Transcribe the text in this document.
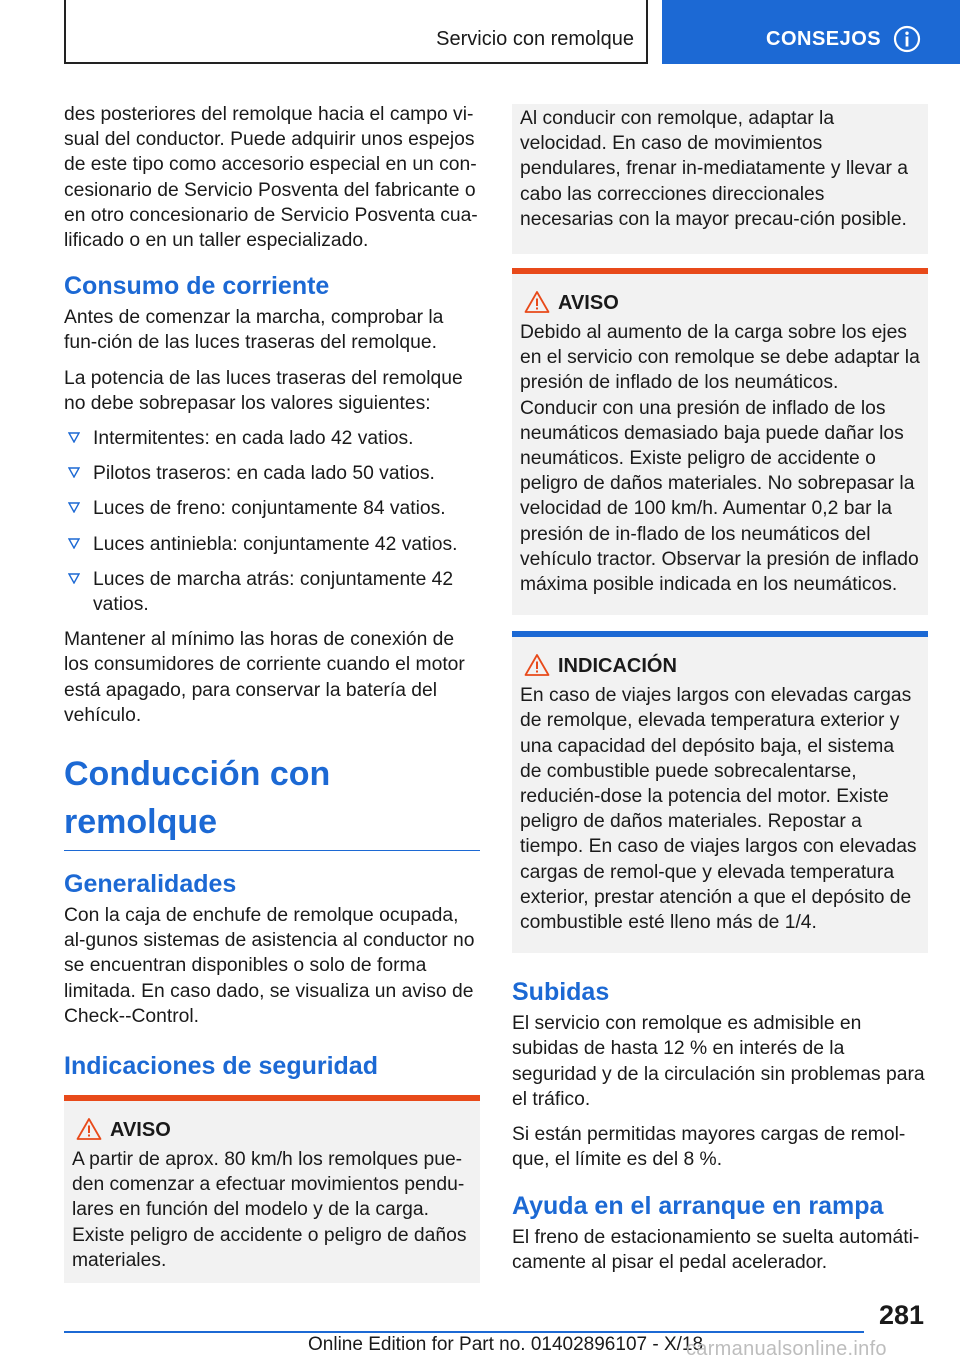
Servicio con remolque	CONSEJOS

des posteriores del remolque hacia el campo vi-sual del conductor. Puede adquirir unos espejos de este tipo como accesorio especial en un con-cesionario de Servicio Posventa del fabricante o en otro concesionario de Servicio Posventa cua-lificado o en un taller especializado.

Consumo de corriente

Antes de comenzar la marcha, comprobar la fun-ción de las luces traseras del remolque.

La potencia de las luces traseras del remolque no debe sobrepasar los valores siguientes:

Intermitentes: en cada lado 42 vatios.
Pilotos traseros: en cada lado 50 vatios.
Luces de freno: conjuntamente 84 vatios.
Luces antiniebla: conjuntamente 42 vatios.
Luces de marcha atrás: conjuntamente 42 vatios.

Mantener al mínimo las horas de conexión de los consumidores de corriente cuando el motor está apagado, para conservar la batería del vehículo.

Conducción con remolque
Generalidades

Con la caja de enchufe de remolque ocupada, al-gunos sistemas de asistencia al conductor no se encuentran disponibles o solo de forma limitada. En caso dado, se visualiza un aviso de Check--Control.

Indicaciones de seguridad
AVISO

A partir de aprox. 80 km/h los remolques pue-den comenzar a efectuar movimientos pendu-lares en función del modelo y de la carga. Existe peligro de accidente o peligro de daños materiales.

Al conducir con remolque, adaptar la velocidad. En caso de movimientos pendulares, frenar in-mediatamente y llevar a cabo las correcciones direccionales necesarias con la mayor precau-ción posible.

AVISO

Debido al aumento de la carga sobre los ejes en el servicio con remolque se debe adaptar la presión de inflado de los neumáticos. Conducir con una presión de inflado de los neumáticos demasiado baja puede dañar los neumáticos. Existe peligro de accidente o peligro de daños materiales. No sobrepasar la velocidad de 100 km/h. Aumentar 0,2 bar la presión de in-flado de los neumáticos del vehículo tractor. Observar la presión de inflado máxima posible indicada en los neumáticos.

INDICACIÓN

En caso de viajes largos con elevadas cargas de remolque, elevada temperatura exterior y una capacidad del depósito baja, el sistema de combustible puede sobrecalentarse, reducién-dose la potencia del motor. Existe peligro de daños materiales. Repostar a tiempo. En caso de viajes largos con elevadas cargas de remol-que y elevada temperatura exterior, prestar atención a que el depósito de combustible esté lleno más de 1/4.

Subidas

El servicio con remolque es admisible en subidas de hasta 12 % en interés de la seguridad y de la circulación sin problemas para el tráfico.

Si están permitidas mayores cargas de remol-que, el límite es del 8 %.

Ayuda en el arranque en rampa

El freno de estacionamiento se suelta automáti-camente al pisar el pedal acelerador.

281
Online Edition for Part no. 01402896107 - X/18
carmanualsonline.info
